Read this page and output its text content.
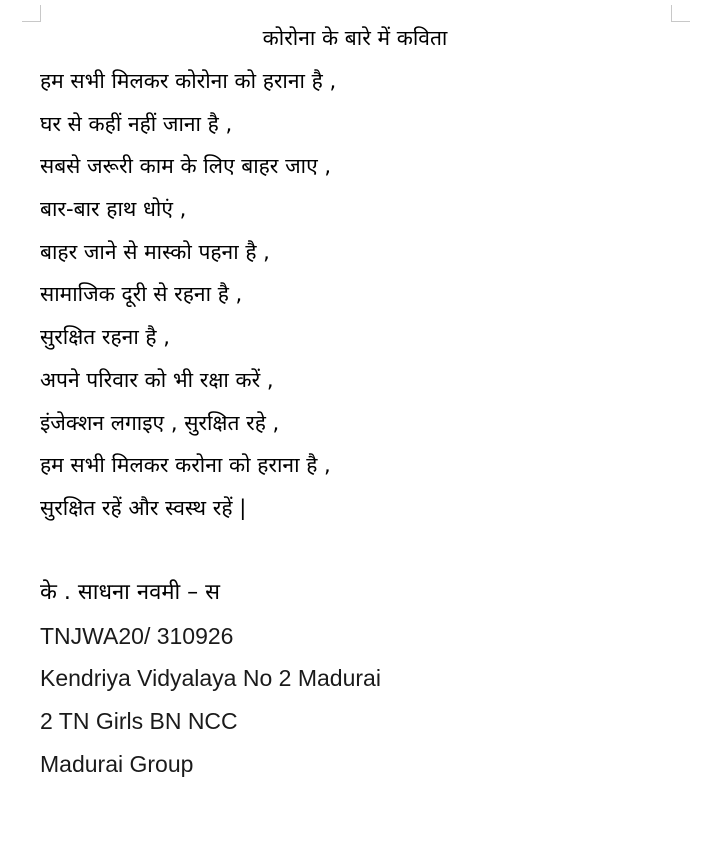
कोरोना के बारे में कविता
हम सभी मिलकर कोरोना को हराना है ,
घर से कहीं नहीं जाना है ,
सबसे जरूरी काम के लिए बाहर जाए ,
बार-बार हाथ धोएं ,
बाहर जाने से मास्को पहना है ,
सामाजिक दूरी से रहना है ,
सुरक्षित रहना है ,
अपने परिवार को भी रक्षा करें ,
इंजेक्शन लगाइए , सुरक्षित रहे ,
हम सभी मिलकर करोना को हराना है ,
सुरक्षित रहें और स्वस्थ रहें |
के . साधना नवमी – स
TNJWA20/ 310926
Kendriya Vidyalaya No 2 Madurai
2 TN Girls BN NCC
Madurai Group
